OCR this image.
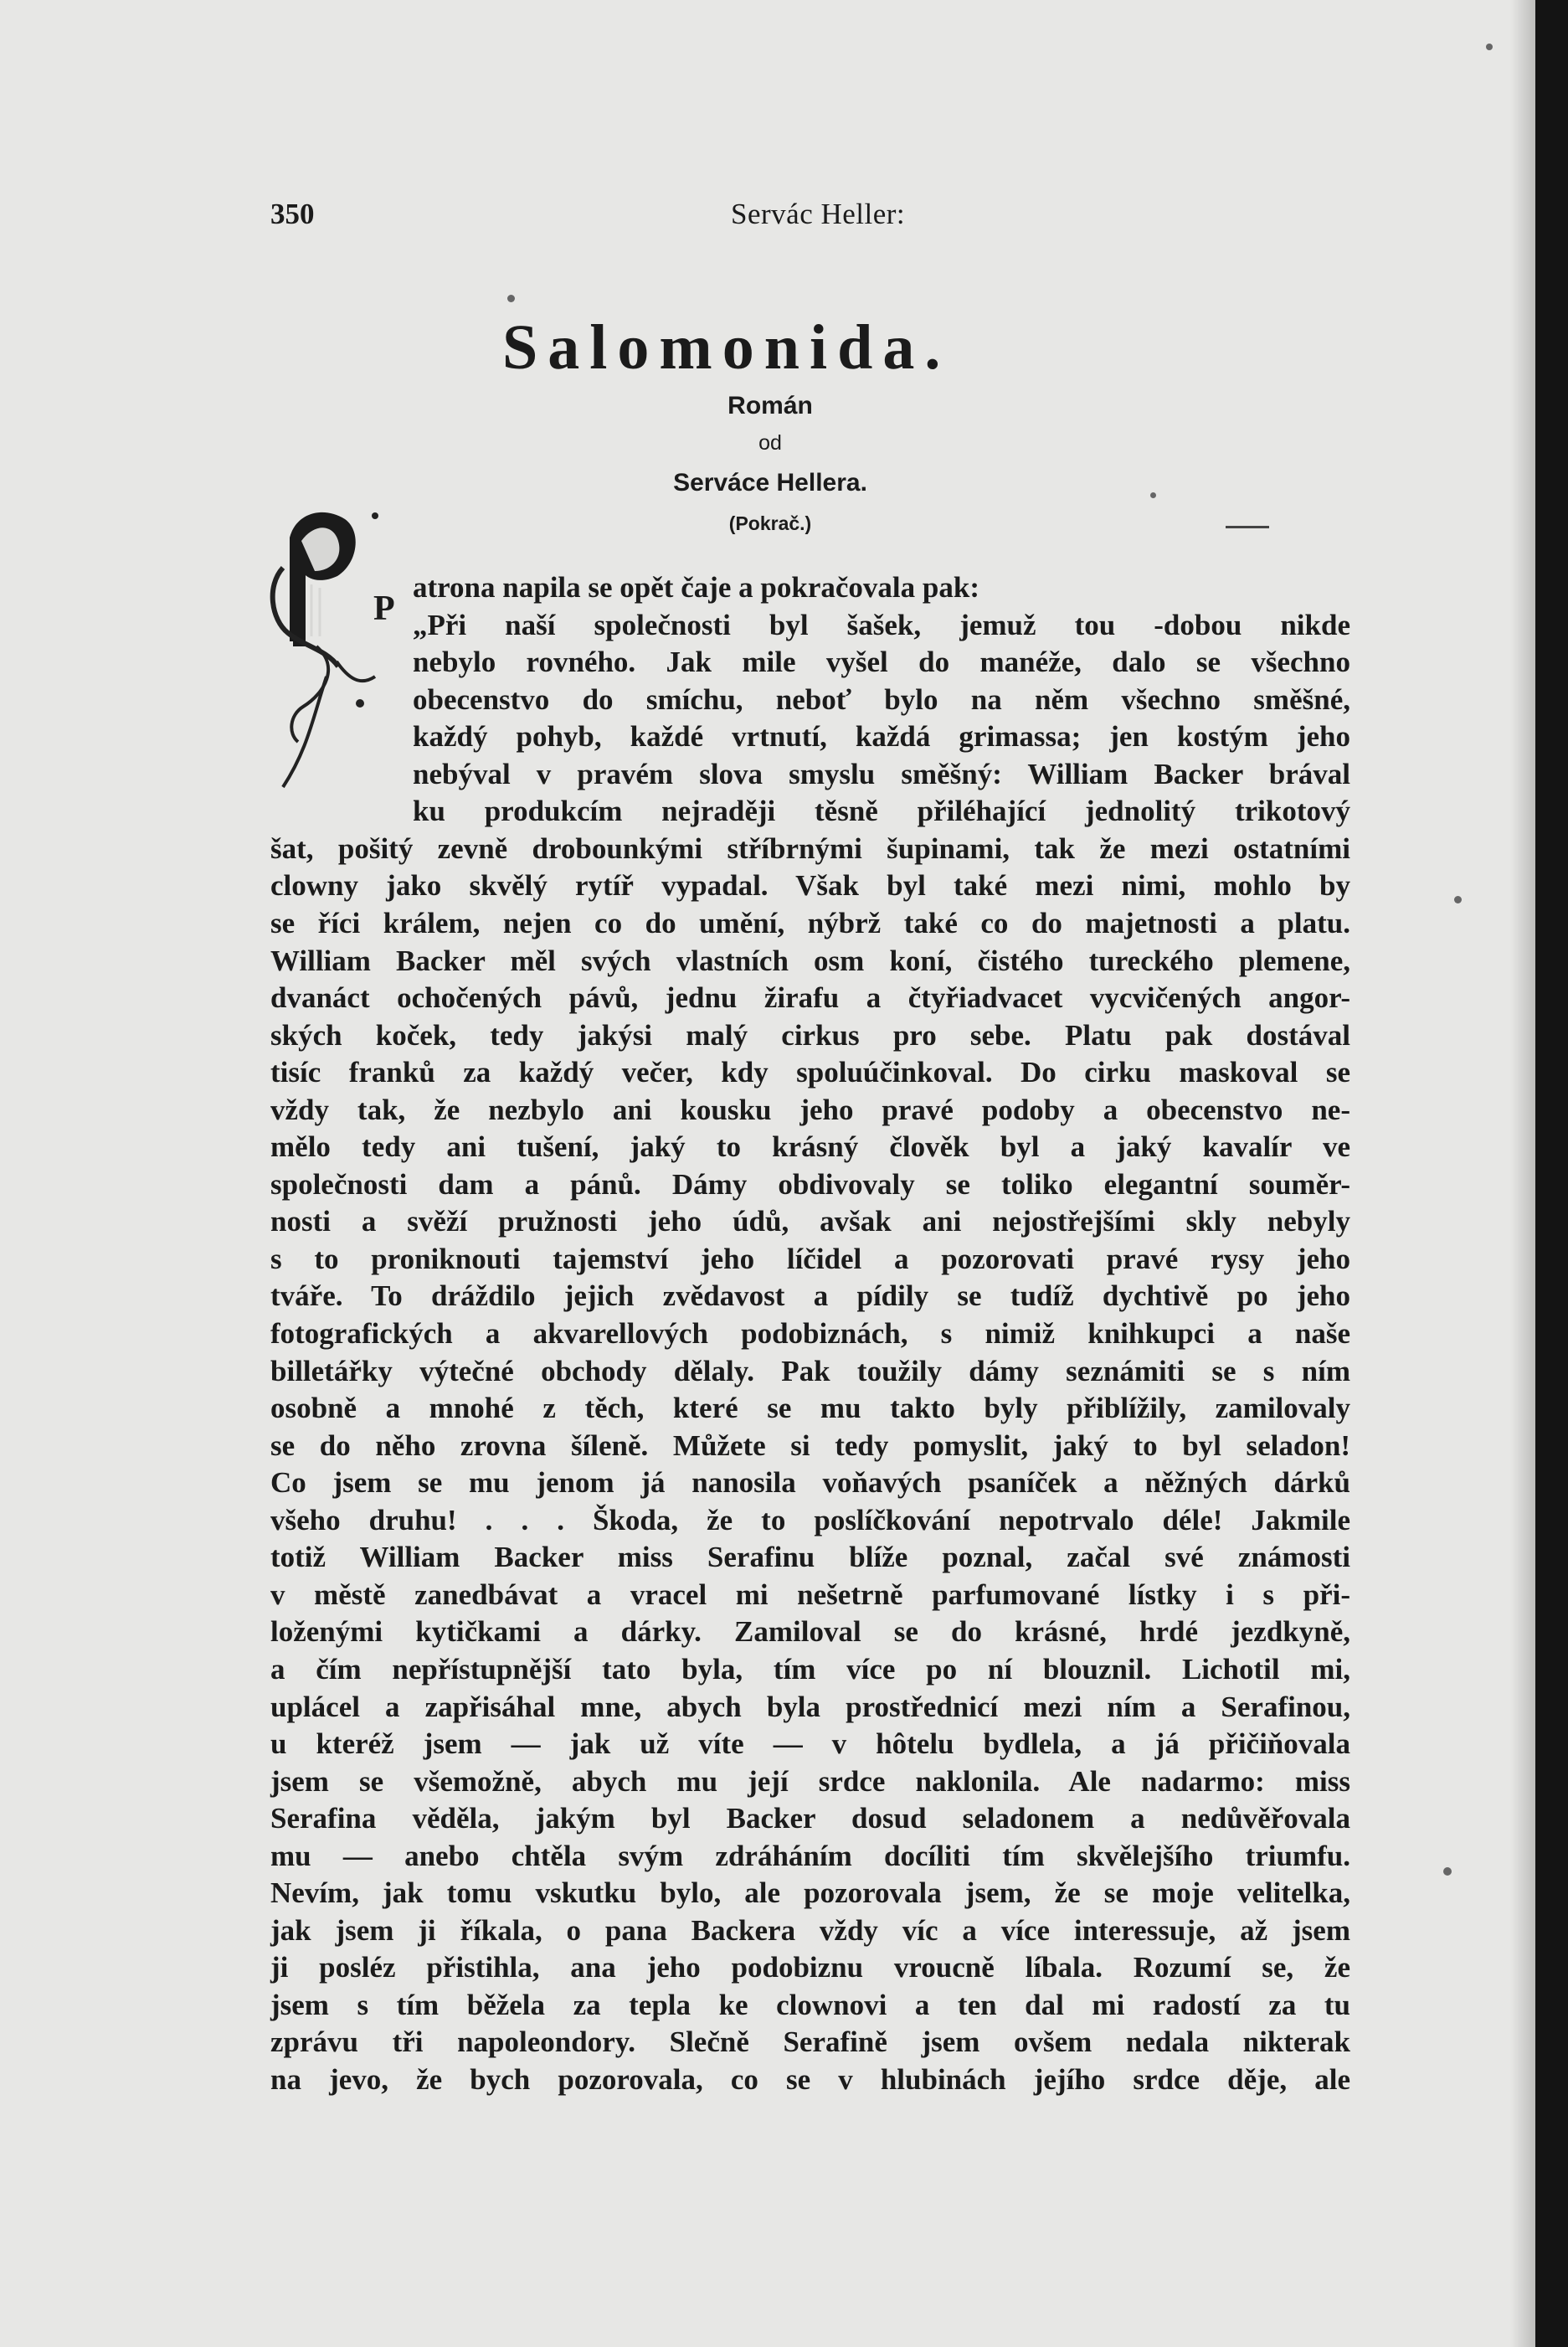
350	Servác Heller:
Salomonida.
Román
od
Serváce Hellera.
(Pokrač.)
P
atrona napila se opět čaje a pokračovala pak:
„Při naší společnosti byl šašek, jemuž tou -dobou nikde
nebylo rovného. Jak mile vyšel do manéže, dalo se všechno
obecenstvo do smíchu, neboť bylo na něm všechno směšné,
každý pohyb, každé vrtnutí, každá grimassa; jen kostým jeho
nebýval v pravém slova smyslu směšný: William Backer brával
ku produkcím nejraději těsně přiléhající jednolitý trikotový
šat, pošitý zevně drobounkými stříbrnými šupinami, tak že mezi ostatními
clowny jako skvělý rytíř vypadal. Však byl také mezi nimi, mohlo by
se říci králem, nejen co do umění, nýbrž také co do majetnosti a platu.
William Backer měl svých vlastních osm koní, čistého tureckého plemene,
dvanáct ochočených pávů, jednu žirafu a čtyřiadvacet vycvičených angor-
ských koček, tedy jakýsi malý cirkus pro sebe. Platu pak dostával
tisíc franků za každý večer, kdy spoluúčinkoval. Do cirku maskoval se
vždy tak, že nezbylo ani kousku jeho pravé podoby a obecenstvo ne-
mělo tedy ani tušení, jaký to krásný člověk byl a jaký kavalír ve
společnosti dam a pánů. Dámy obdivovaly se toliko elegantní souměr-
nosti a svěží pružnosti jeho údů, avšak ani nejostřejšími skly nebyly
s to proniknouti tajemství jeho líčidel a pozorovati pravé rysy jeho
tváře. To dráždilo jejich zvědavost a pídily se tudíž dychtivě po jeho
fotografických a akvarellových podobiznách, s nimiž knihkupci a naše
billetářky výtečné obchody dělaly. Pak toužily dámy seznámiti se s ním
osobně a mnohé z těch, které se mu takto byly přiblížily, zamilovaly
se do něho zrovna šíleně. Můžete si tedy pomyslit, jaký to byl seladon!
Co jsem se mu jenom já nanosila voňavých psaníček a něžných dárků
všeho druhu! . . . Škoda, že to poslíčkování nepotrvalo déle! Jakmile
totiž William Backer miss Serafinu blíže poznal, začal své známosti
v městě zanedbávat a vracel mi nešetrně parfumované lístky i s při-
loženými kytičkami a dárky. Zamiloval se do krásné, hrdé jezdkyně,
a čím nepřístupnější tato byla, tím více po ní blouznil. Lichotil mi,
uplácel a zapřisáhal mne, abych byla prostřednicí mezi ním a Serafinou,
u kteréž jsem — jak už víte — v hôtelu bydlela, a já přičiňovala
jsem se všemožně, abych mu její srdce naklonila. Ale nadarmo: miss
Serafina věděla, jakým byl Backer dosud seladonem a nedůvěřovala
mu — anebo chtěla svým zdráháním docíliti tím skvělejšího triumfu.
Nevím, jak tomu vskutku bylo, ale pozorovala jsem, že se moje velitelka,
jak jsem ji říkala, o pana Backera vždy víc a více interessuje, až jsem
ji posléz přistihla, ana jeho podobiznu vroucně líbala. Rozumí se, že
jsem s tím běžela za tepla ke clownovi a ten dal mi radostí za tu
zprávu tři napoleondory. Slečně Serafině jsem ovšem nedala nikterak
na jevo, že bych pozorovala, co se v hlubinách jejího srdce děje, ale
